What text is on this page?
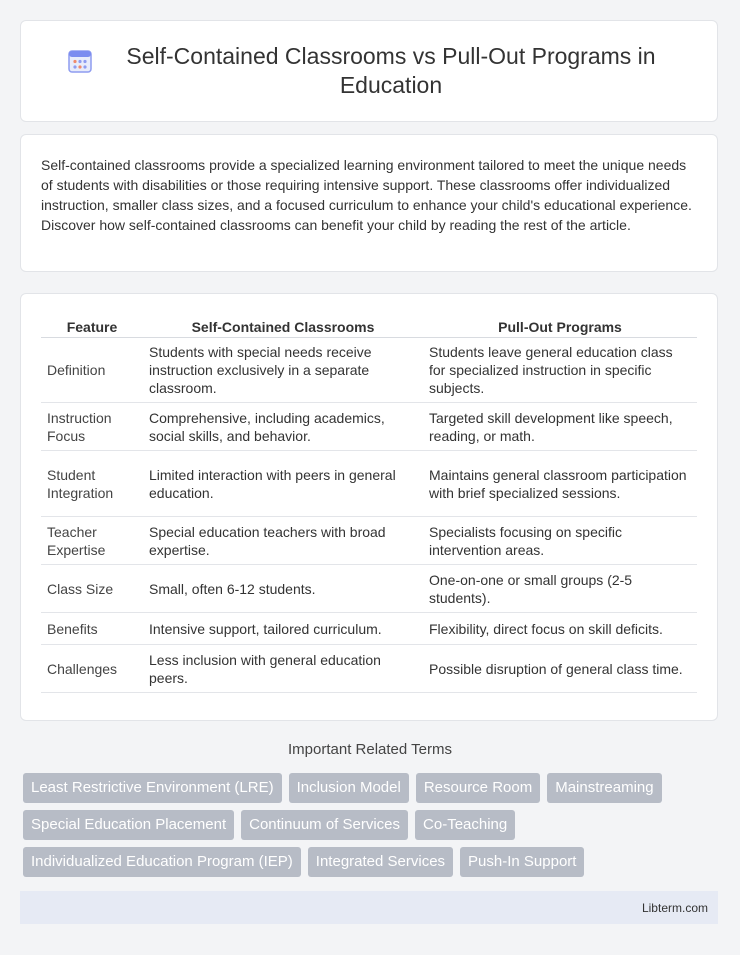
Self-Contained Classrooms vs Pull-Out Programs in Education

Self-contained classrooms provide a specialized learning environment tailored to meet the unique needs of students with disabilities or those requiring intensive support. These classrooms offer individualized instruction, smaller class sizes, and a focused curriculum to enhance your child's educational experience. Discover how self-contained classrooms can benefit your child by reading the rest of the article.

Feature	Self-Contained Classrooms	Pull-Out Programs
Definition	Students with special needs receive instruction exclusively in a separate classroom.	Students leave general education class for specialized instruction in specific subjects.
Instruction Focus	Comprehensive, including academics, social skills, and behavior.	Targeted skill development like speech, reading, or math.
Student Integration	Limited interaction with peers in general education.	Maintains general classroom participation with brief specialized sessions.
Teacher Expertise	Special education teachers with broad expertise.	Specialists focusing on specific intervention areas.
Class Size	Small, often 6-12 students.	One-on-one or small groups (2-5 students).
Benefits	Intensive support, tailored curriculum.	Flexibility, direct focus on skill deficits.
Challenges	Less inclusion with general education peers.	Possible disruption of general class time.
Important Related Terms
Least Restrictive Environment (LRE)	Inclusion Model	Resource Room	Mainstreaming
Special Education Placement	Continuum of Services	Co-Teaching
Individualized Education Program (IEP)	Integrated Services	Push-In Support
Libterm.com
